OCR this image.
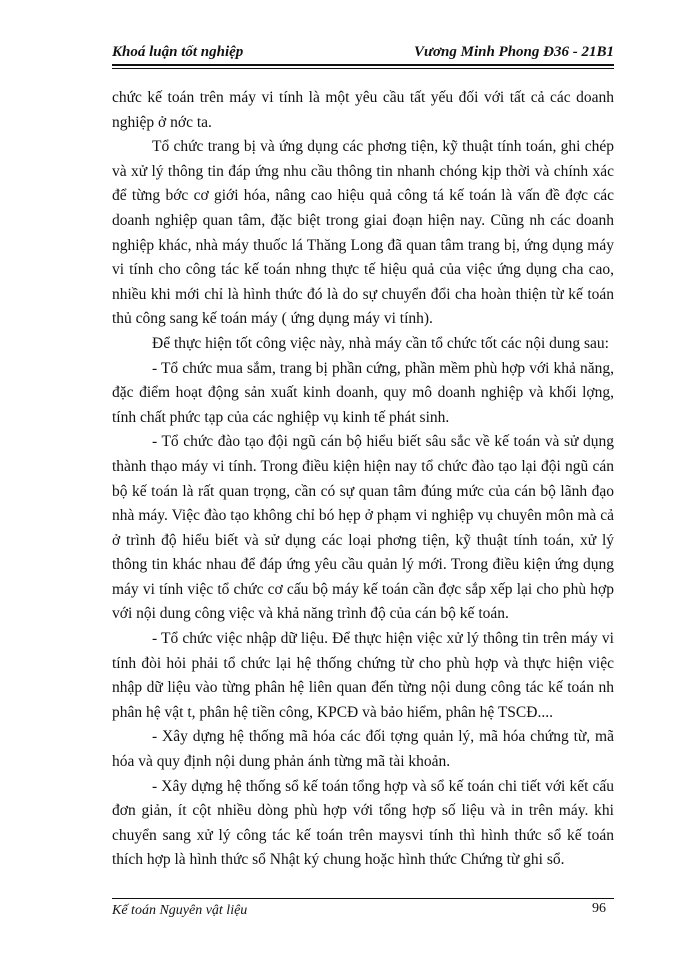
Khoá luận tốt nghiệp	Vương Minh Phong Đ36 - 21B1

chức kế toán trên máy vi tính là một yêu cầu tất yếu đối với tất cả các doanh nghiệp ở nớc ta.

Tổ chức trang bị và ứng dụng các phơng tiện, kỹ thuật tính toán, ghi chép và xử lý thông tin đáp ứng nhu cầu thông tin nhanh chóng kịp thời và chính xác để từng bớc cơ giới hóa, nâng cao hiệu quả công tá kế toán là vấn đề đợc các doanh nghiệp quan tâm, đặc biệt trong giai đoạn hiện nay. Cũng nh các doanh nghiệp khác, nhà máy thuốc lá Thăng Long đã quan tâm trang bị, ứng dụng máy vi tính cho công tác kế toán nhng thực tế hiệu quả của việc ứng dụng cha cao, nhiều khi mới chỉ là hình thức đó là do sự chuyển đổi cha hoàn thiện từ kế toán thủ công sang kế toán máy ( ứng dụng máy vi tính).

Để thực hiện tốt công việc này, nhà máy cần tổ chức tốt các nội dung sau:

- Tổ chức mua sắm, trang bị phần cứng, phần mềm phù hợp với khả năng, đặc điểm hoạt động sản xuất kinh doanh, quy mô doanh nghiệp và khối lợng, tính chất phức tạp của các nghiệp vụ kinh tế phát sinh.

- Tổ chức đào tạo đội ngũ cán bộ hiểu biết sâu sắc về kế toán và sử dụng thành thạo máy vi tính. Trong điều kiện hiện nay tổ chức đào tạo lại đội ngũ cán bộ kế toán là rất quan trọng, cần có sự quan tâm đúng mức của cán bộ lãnh đạo nhà máy. Việc đào tạo không chỉ bó hẹp ở phạm vi nghiệp vụ chuyên môn mà cả ở trình độ hiểu biết và sử dụng các loại phơng tiện, kỹ thuật tính toán, xử lý thông tin khác nhau để đáp ứng yêu cầu quản lý mới. Trong điều kiện ứng dụng máy vi tính việc tổ chức cơ cấu bộ máy kế toán cần đợc sắp xếp lại cho phù hợp với nội dung công việc và khả năng trình độ của cán bộ kế toán.

- Tổ chức việc nhập dữ liệu. Để thực hiện việc xử lý thông tin trên máy vi tính đòi hỏi phải tổ chức lại hệ thống chứng từ cho phù hợp và thực hiện việc nhập dữ liệu vào từng phân hệ liên quan đến từng nội dung công tác kế toán nh phân hệ vật t, phân hệ tiền công, KPCĐ và bảo hiểm, phân hệ TSCĐ....

- Xây dựng hệ thống mã hóa các đối tợng quản lý, mã hóa chứng từ, mã hóa và quy định nội dung phản ánh từng mã tài khoản.

- Xây dựng hệ thống sổ kế toán tổng hợp và sổ kế toán chi tiết với kết cấu đơn giản, ít cột nhiều dòng phù hợp với tổng hợp số liệu và in trên máy. khi chuyển sang xử lý công tác kế toán trên maysvi tính thì hình thức sổ kế toán thích hợp là hình thức sổ Nhật ký chung hoặc hình thức Chứng từ ghi sổ.

Kế toán Nguyên vật liệu	96
